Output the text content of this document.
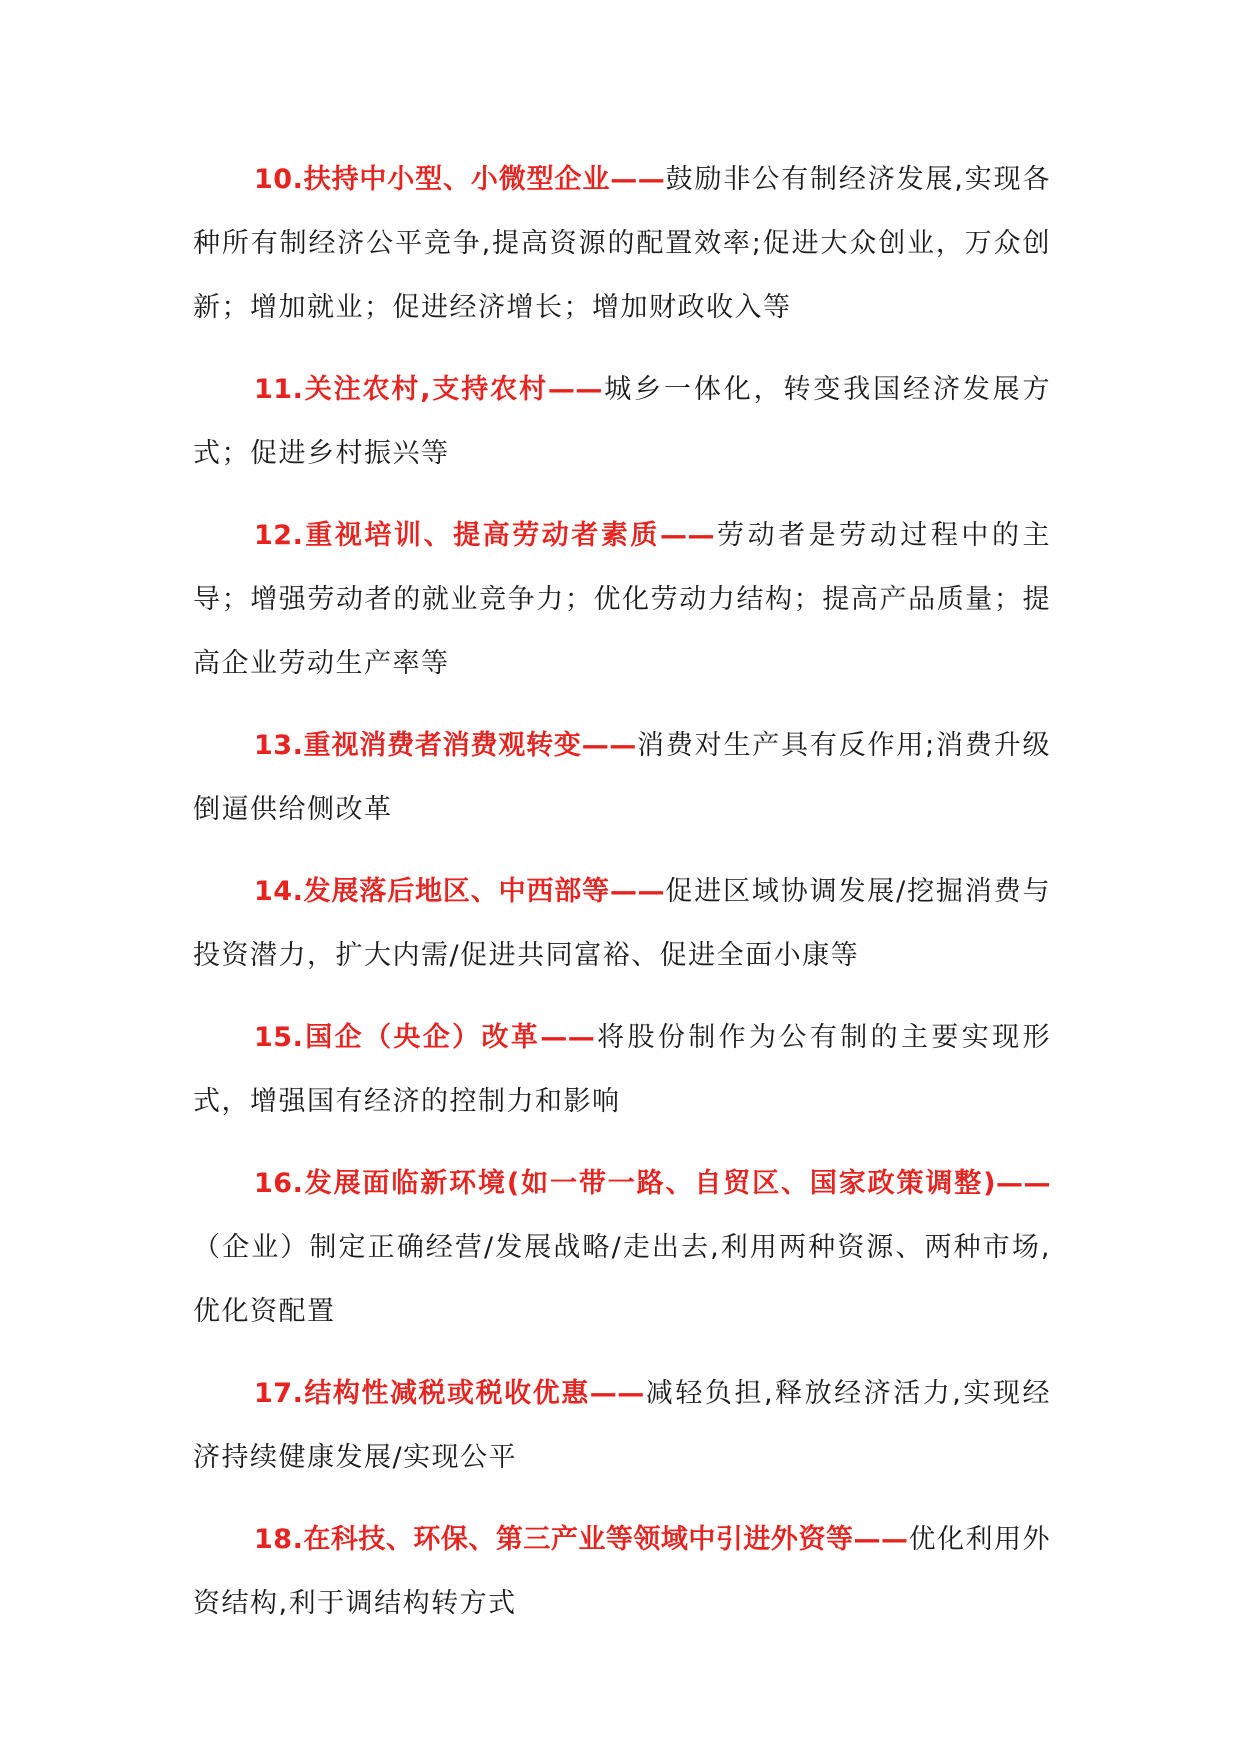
10.扶持中小型、小微型企业——鼓励非公有制经济发展,实现各种所有制经济公平竞争,提高资源的配置效率;促进大众创业，万众创新；增加就业；促进经济增长；增加财政收入等

11.关注农村,支持农村——城乡一体化，转变我国经济发展方式；促进乡村振兴等

12.重视培训、提高劳动者素质——劳动者是劳动过程中的主导；增强劳动者的就业竞争力；优化劳动力结构；提高产品质量；提高企业劳动生产率等

13.重视消费者消费观转变——消费对生产具有反作用;消费升级倒逼供给侧改革

14.发展落后地区、中西部等——促进区域协调发展/挖掘消费与投资潜力，扩大内需/促进共同富裕、促进全面小康等

15.国企（央企）改革——将股份制作为公有制的主要实现形式，增强国有经济的控制力和影响

16.发展面临新环境(如一带一路、自贸区、国家政策调整)——（企业）制定正确经营/发展战略/走出去,利用两种资源、两种市场,优化资配置

17.结构性减税或税收优惠——减轻负担,释放经济活力,实现经济持续健康发展/实现公平

18.在科技、环保、第三产业等领域中引进外资等——优化利用外资结构,利于调结构转方式
